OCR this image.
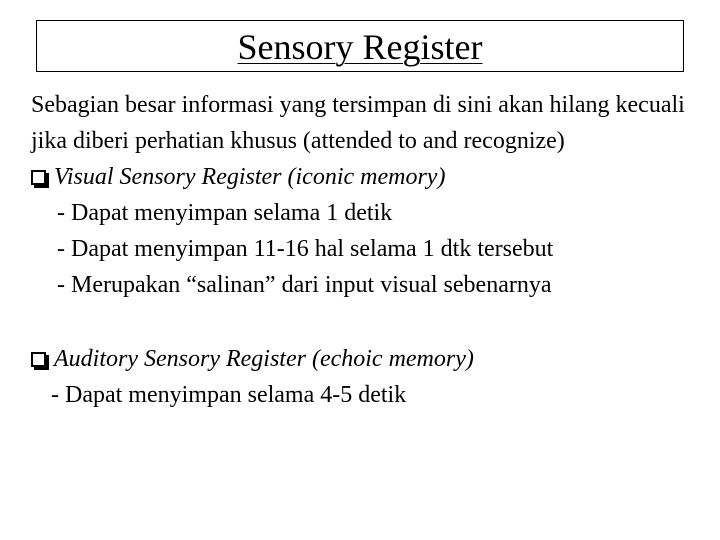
Sensory Register
Sebagian besar informasi yang tersimpan di sini akan hilang kecuali jika diberi perhatian khusus (attended to and recognize)
Visual Sensory Register (iconic memory)
- Dapat menyimpan selama 1 detik
- Dapat menyimpan 11-16 hal selama 1 dtk tersebut
- Merupakan “salinan” dari input visual sebenarnya
Auditory Sensory Register (echoic memory)
- Dapat menyimpan selama 4-5 detik
